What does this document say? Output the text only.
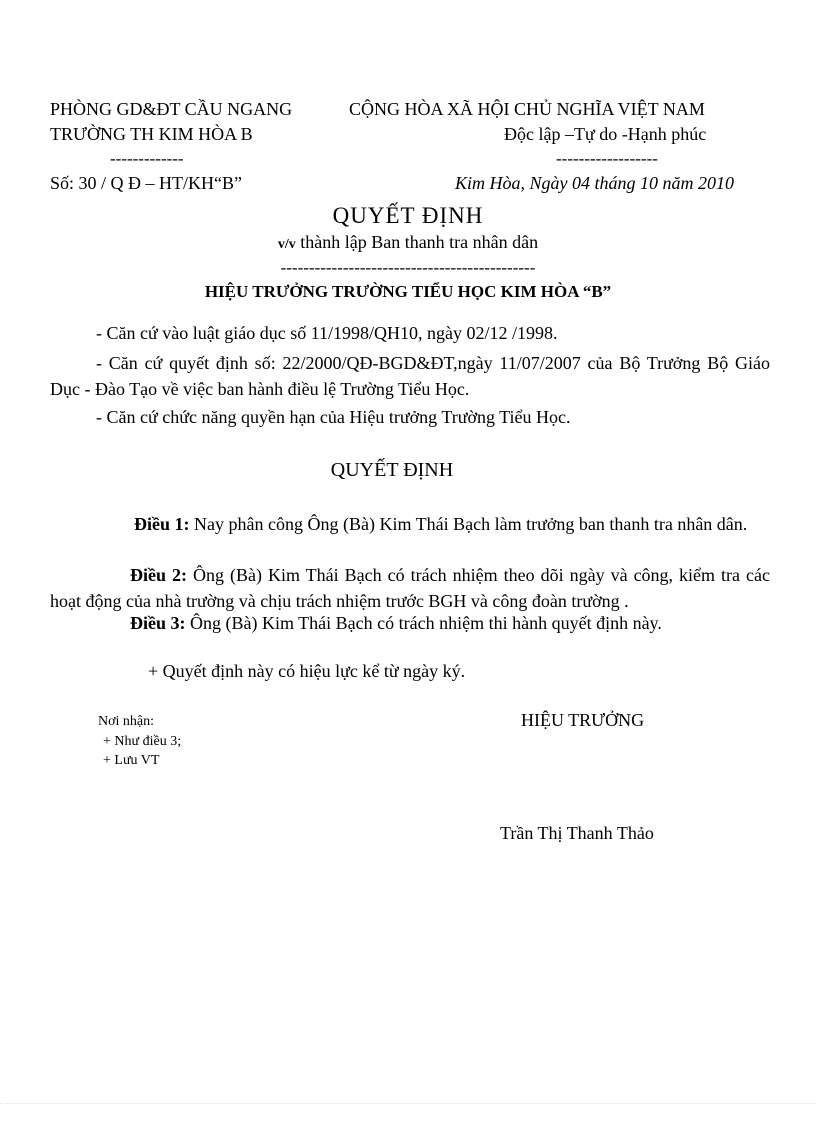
PHÒNG GD&ĐT CẦU NGANG
TRƯỜNG TH KIM HÒA B
-------------
CỘNG HÒA XÃ HỘI CHỦ NGHĨA VIỆT NAM
Độc lập –Tự do -Hạnh phúc
------------------
Số: 30 / Q Đ – HT/KH“B”	Kim Hòa, Ngày 04 tháng 10 năm 2010
QUYẾT ĐỊNH
v/v thành lập Ban thanh tra nhân dân
---------------------------------------------
HIỆU TRƯỞNG TRƯỜNG TIỂU HỌC KIM HÒA “B”
- Căn cứ vào luật giáo dục số 11/1998/QH10, ngày 02/12 /1998.
- Căn cứ quyết định số: 22/2000/QĐ-BGD&ĐT,ngày 11/07/2007 của Bộ Trưởng Bộ Giáo Dục - Đào Tạo về việc ban hành điều lệ Trường Tiểu Học.
- Căn cứ chức năng quyền hạn của Hiệu trưởng Trường Tiểu Học.
QUYẾT ĐỊNH
Điều 1: Nay phân công Ông (Bà) Kim Thái Bạch làm trưởng ban thanh tra nhân dân.
Điều 2: Ông (Bà) Kim Thái Bạch có trách nhiệm theo dõi ngày và công, kiểm tra các hoạt động của nhà trường và chịu trách nhiệm trước BGH và công đoàn trường .
Điều 3: Ông (Bà) Kim Thái Bạch có trách nhiệm thi hành quyết định này.
+ Quyết định này có hiệu lực kể từ ngày ký.
Nơi nhận:
+ Như điều 3;
+ Lưu VT
HIỆU TRƯỞNG
Trần Thị Thanh Thảo
